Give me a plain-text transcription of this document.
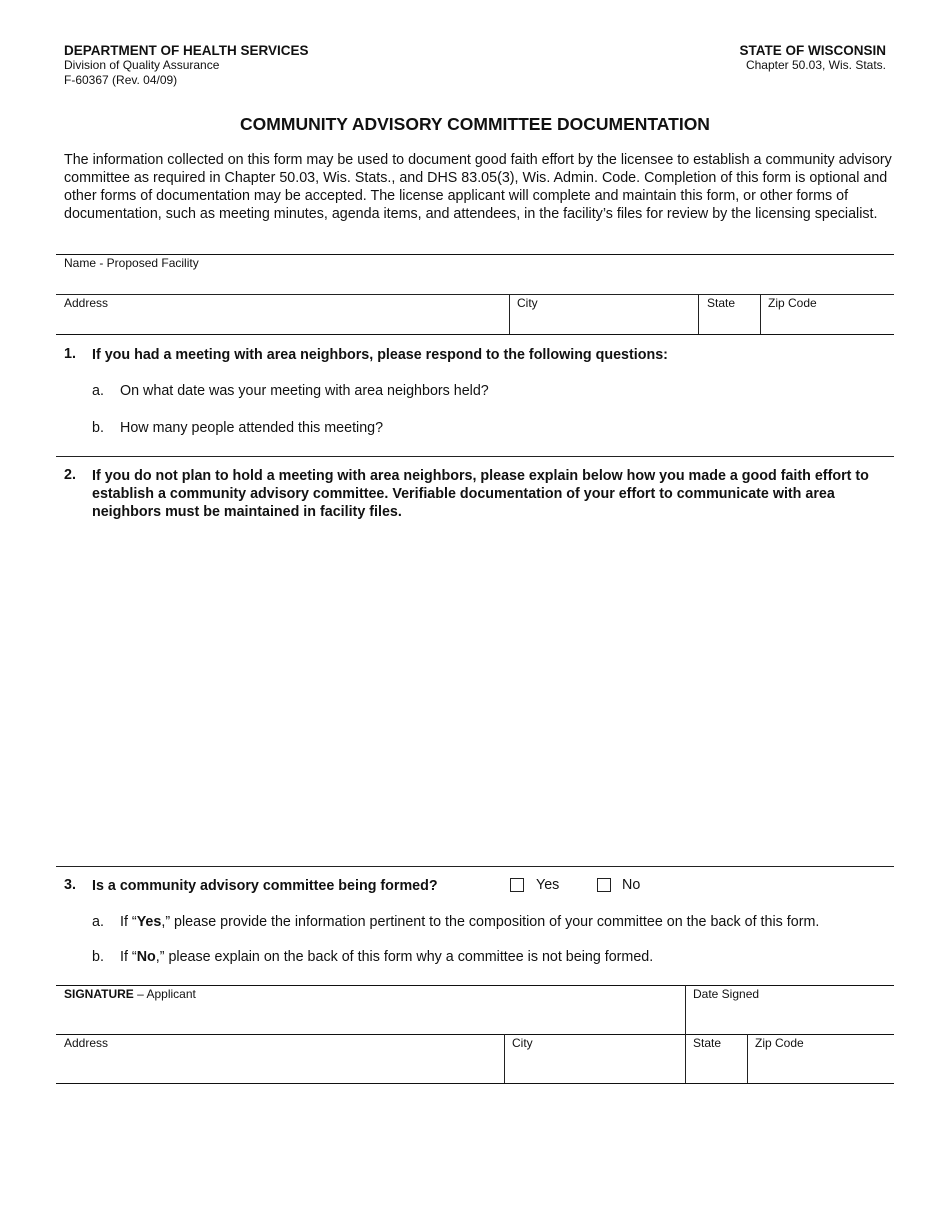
DEPARTMENT OF HEALTH SERVICES
Division of Quality Assurance
F-60367 (Rev. 04/09)
STATE OF WISCONSIN
Chapter 50.03, Wis. Stats.
COMMUNITY ADVISORY COMMITTEE DOCUMENTATION
The information collected on this form may be used to document good faith effort by the licensee to establish a community advisory committee as required in Chapter 50.03, Wis. Stats., and DHS 83.05(3), Wis. Admin. Code. Completion of this form is optional and other forms of documentation may be accepted. The license applicant will complete and maintain this form, or other forms of documentation, such as meeting minutes, agenda items, and attendees, in the facility’s files for review by the licensing specialist.
Name - Proposed Facility
Address	City	State	Zip Code
1. If you had a meeting with area neighbors, please respond to the following questions:
a. On what date was your meeting with area neighbors held?
b. How many people attended this meeting?
2. If you do not plan to hold a meeting with area neighbors, please explain below how you made a good faith effort to establish a community advisory committee. Verifiable documentation of your effort to communicate with area neighbors must be maintained in facility files.
3. Is a community advisory committee being formed?	Yes	No
a. If “Yes,” please provide the information pertinent to the composition of your committee on the back of this form.
b. If “No,” please explain on the back of this form why a committee is not being formed.
SIGNATURE – Applicant	Date Signed
Address	City	State	Zip Code
